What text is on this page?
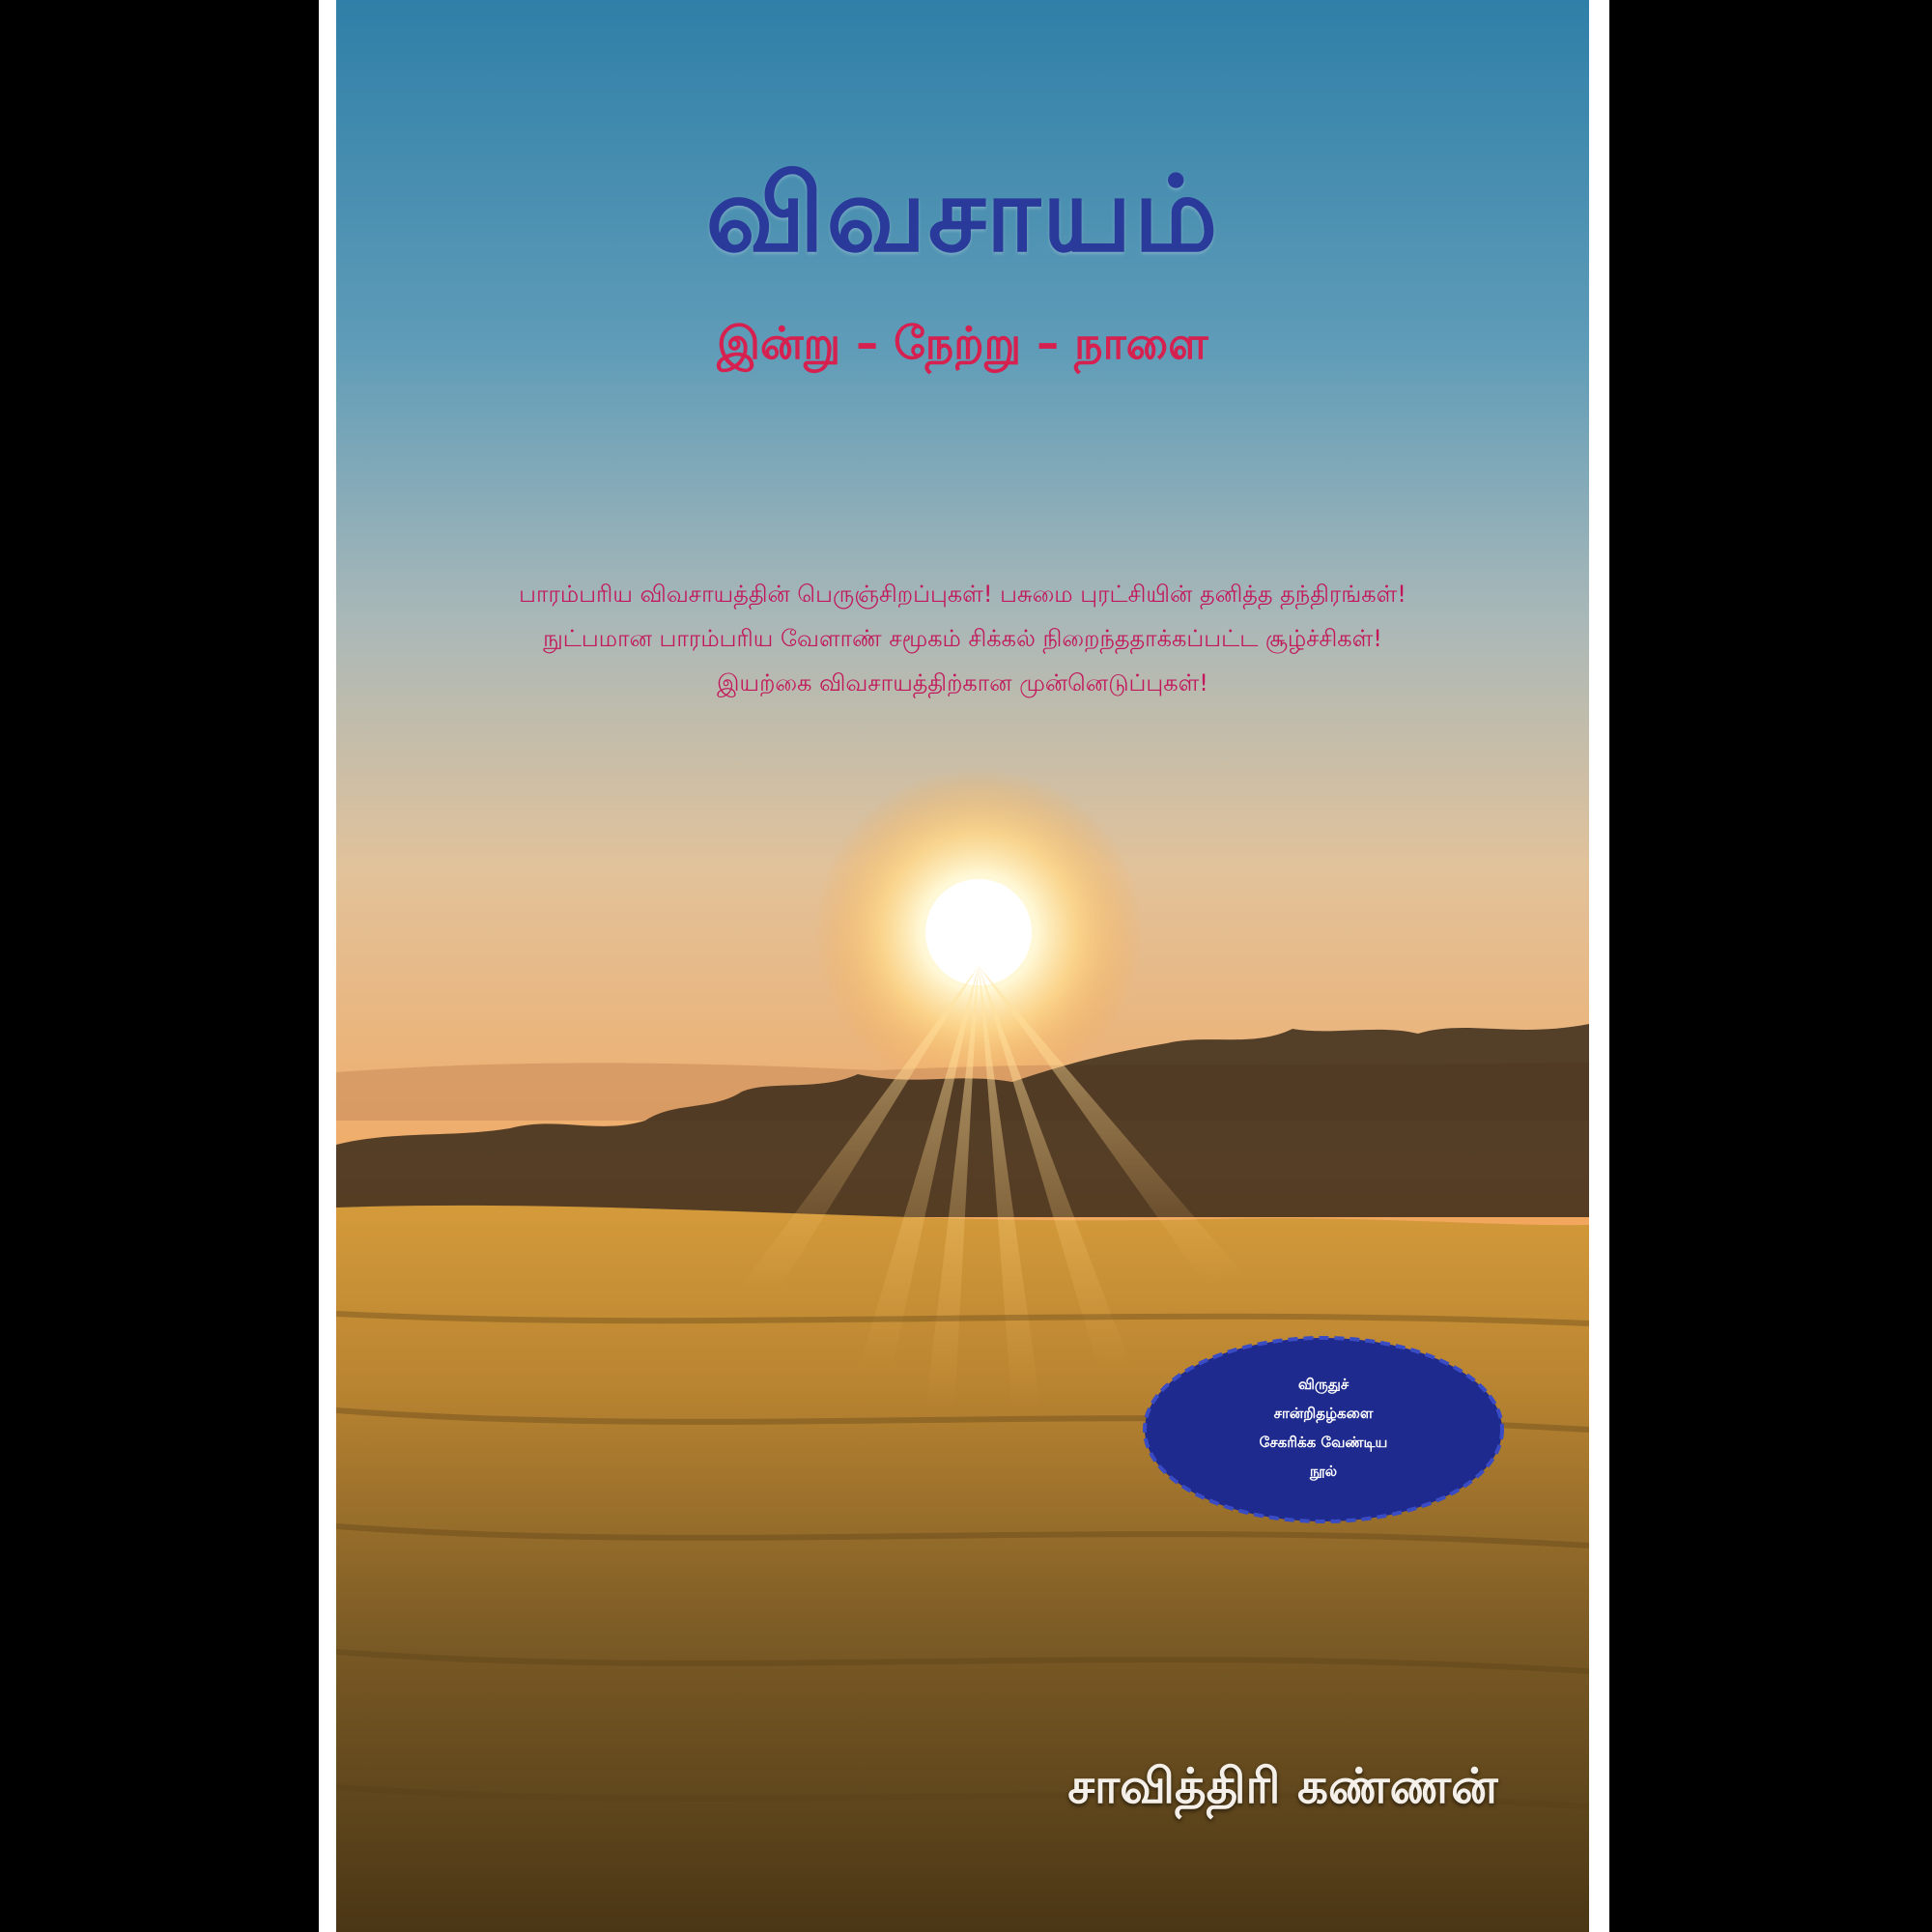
விவசாயம்
இன்று – நேற்று – நாளை
பாரம்பரிய விவசாயத்தின் பெருஞ்சிறப்புகள்! பசுமை புரட்சியின் தனித்த தந்திரங்கள்!
நுட்பமான பாரம்பரிய வேளாண் சமூகம் சிக்கல் நிறைந்ததாக்கப்பட்ட சூழ்ச்சிகள்!
இயற்கை விவசாயத்திற்கான முன்னெடுப்புகள்!
விருதுச்
சான்றிதழ்களை
சேகரிக்க வேண்டிய
நூல்
சாவித்திரி கண்ணன்
